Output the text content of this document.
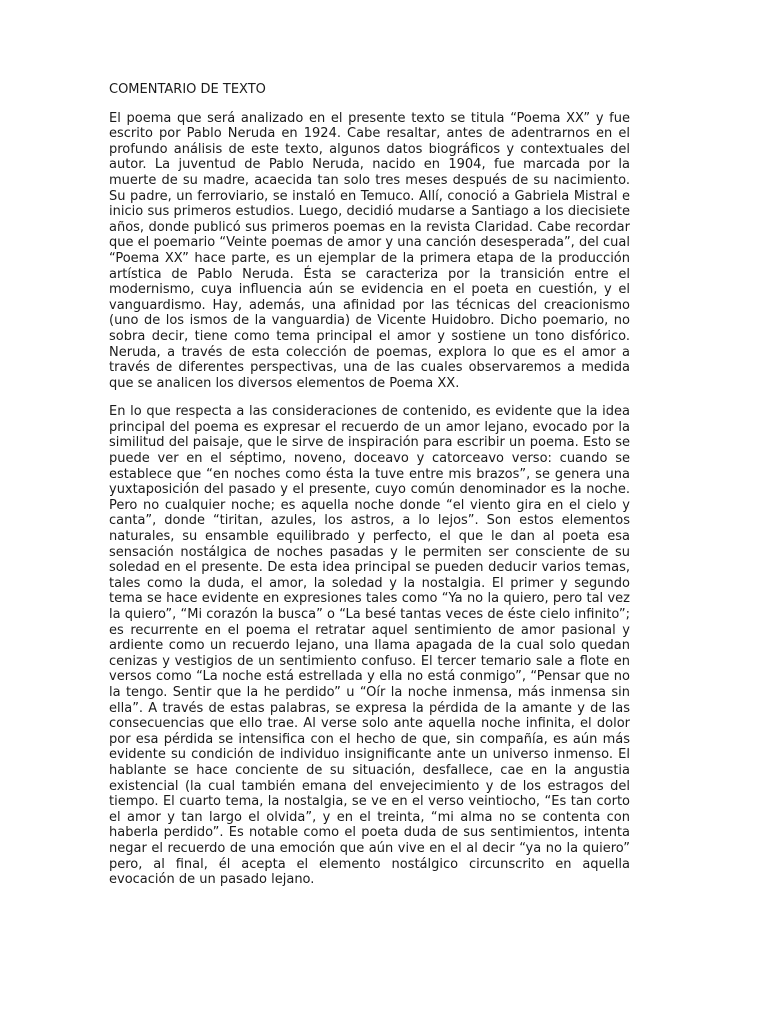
COMENTARIO DE TEXTO

El poema que será analizado en el presente texto se titula “Poema XX” y fue escrito por Pablo Neruda en 1924. Cabe resaltar, antes de adentrarnos en el profundo análisis de este texto, algunos datos biográficos y contextuales del autor. La juventud de Pablo Neruda, nacido en 1904, fue marcada por la muerte de su madre, acaecida tan solo tres meses después de su nacimiento. Su padre, un ferroviario, se instaló en Temuco. Allí, conoció a Gabriela Mistral e inicio sus primeros estudios. Luego, decidió mudarse a Santiago a los diecisiete años, donde publicó sus primeros poemas en la revista Claridad. Cabe recordar que el poemario “Veinte poemas de amor y una canción desesperada”, del cual “Poema XX” hace parte, es un ejemplar de la primera etapa de la producción artística de Pablo Neruda. Ésta se caracteriza por la transición entre el modernismo, cuya influencia aún se evidencia en el poeta en cuestión, y el vanguardismo. Hay, además, una afinidad por las técnicas del creacionismo (uno de los ismos de la vanguardia) de Vicente Huidobro. Dicho poemario, no sobra decir, tiene como tema principal el amor y sostiene un tono disfórico. Neruda, a través de esta colección de poemas, explora lo que es el amor a través de diferentes perspectivas, una de las cuales observaremos a medida que se analicen los diversos elementos de Poema XX.

En lo que respecta a las consideraciones de contenido, es evidente que la idea principal del poema es expresar el recuerdo de un amor lejano, evocado por la similitud del paisaje, que le sirve de inspiración para escribir un poema. Esto se puede ver en el séptimo, noveno, doceavo y catorceavo verso: cuando se establece que “en noches como ésta la tuve entre mis brazos”, se genera una yuxtaposición del pasado y el presente, cuyo común denominador es la noche. Pero no cualquier noche; es aquella noche donde “el viento gira en el cielo y canta”, donde “tiritan, azules, los astros, a lo lejos”. Son estos elementos naturales, su ensamble equilibrado y perfecto, el que le dan al poeta esa sensación nostálgica de noches pasadas y le permiten ser consciente de su soledad en el presente. De esta idea principal se pueden deducir varios temas, tales como la duda, el amor, la soledad y la nostalgia. El primer y segundo tema se hace evidente en expresiones tales como “Ya no la quiero, pero tal vez la quiero”, “Mi corazón la busca” o “La besé tantas veces de éste cielo infinito”; es recurrente en el poema el retratar aquel sentimiento de amor pasional y ardiente como un recuerdo lejano, una llama apagada de la cual solo quedan cenizas y vestigios de un sentimiento confuso. El tercer temario sale a flote en versos como “La noche está estrellada y ella no está conmigo”, “Pensar que no la tengo. Sentir que la he perdido” u “Oír la noche inmensa, más inmensa sin ella”. A través de estas palabras, se expresa la pérdida de la amante y de las consecuencias que ello trae. Al verse solo ante aquella noche infinita, el dolor por esa pérdida se intensifica con el hecho de que, sin compañía, es aún más evidente su condición de individuo insignificante ante un universo inmenso. El hablante se hace conciente de su situación, desfallece, cae en la angustia existencial (la cual también emana del envejecimiento y de los estragos del tiempo. El cuarto tema, la nostalgia, se ve en el verso veintiocho, “Es tan corto el amor y tan largo el olvida”, y en el treinta, “mi alma no se contenta con haberla perdido”. Es notable como el poeta duda de sus sentimientos, intenta negar el recuerdo de una emoción que aún vive en el al decir “ya no la quiero” pero, al final, él acepta el elemento nostálgico circunscrito en aquella evocación de un pasado lejano.
